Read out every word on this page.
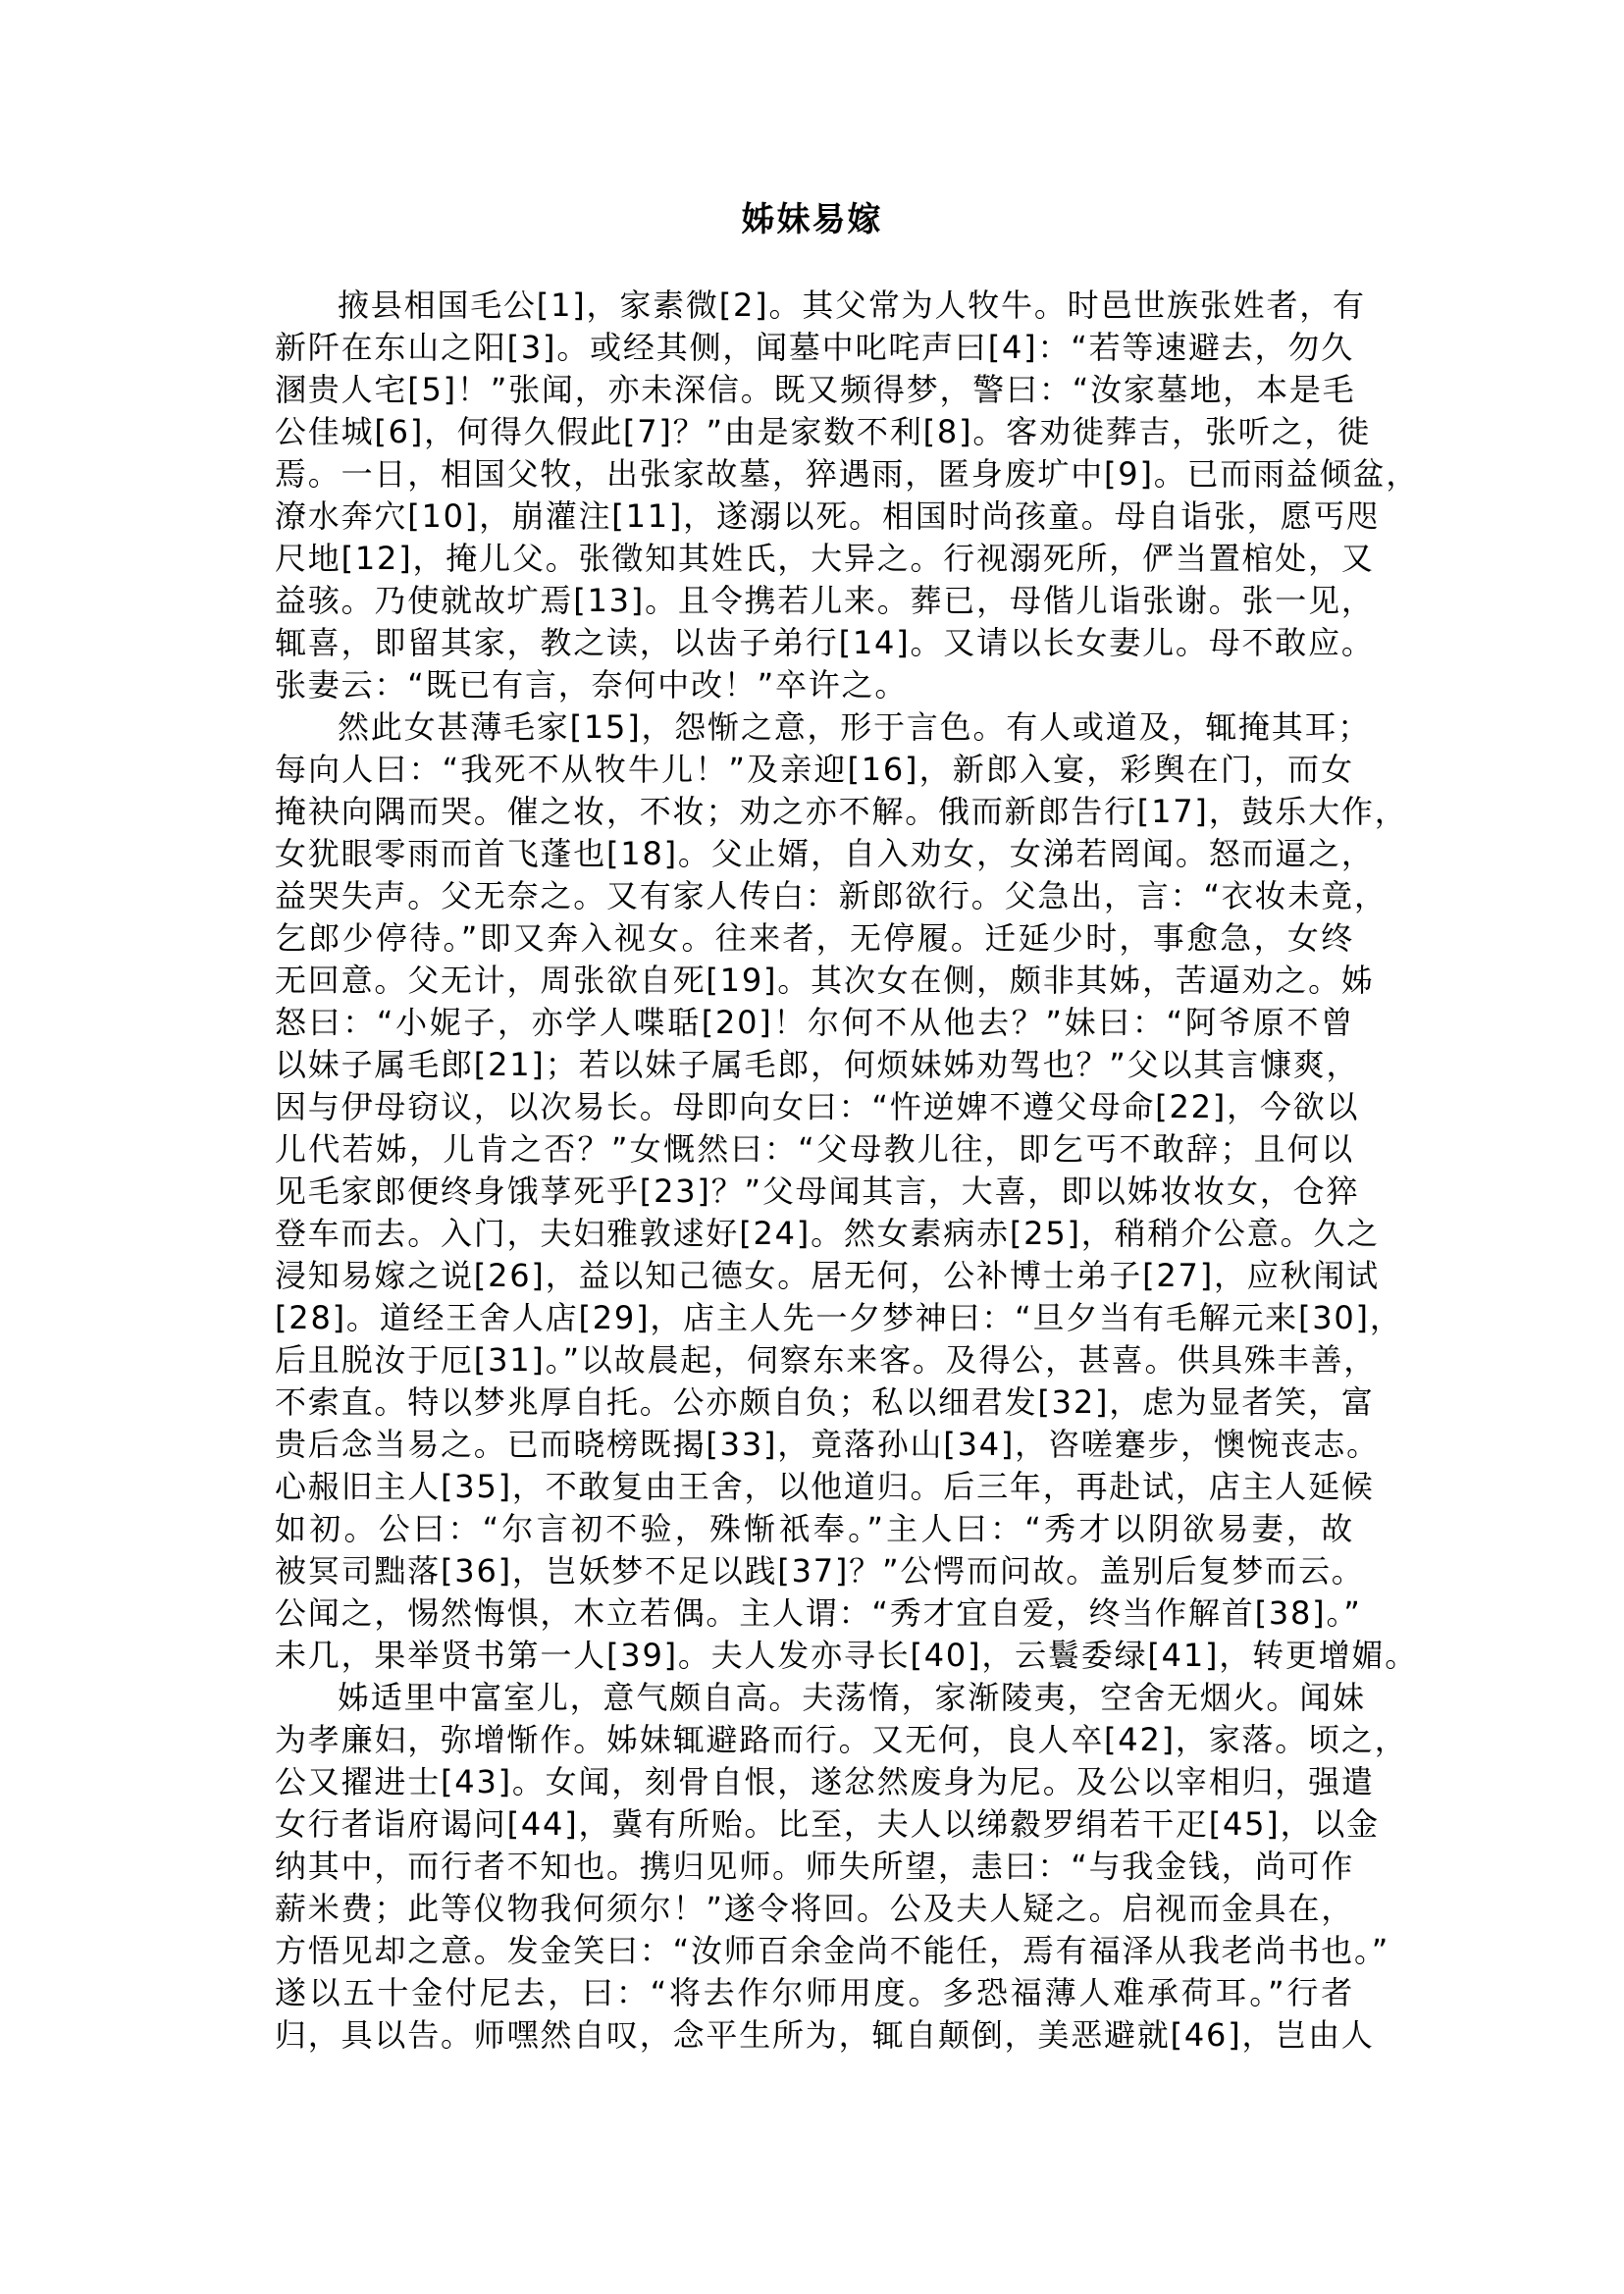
姊妹易嫁
掖县相国毛公[1]，家素微[2]。其父常为人牧牛。时邑世族张姓者，有
新阡在东山之阳[3]。或经其侧，闻墓中叱咤声曰[4]：“若等速避去，勿久
溷贵人宅[5]！”张闻，亦未深信。既又频得梦，警曰：“汝家墓地，本是毛
公佳城[6]，何得久假此[7]？”由是家数不利[8]。客劝徙葬吉，张听之，徙
焉。一日，相国父牧，出张家故墓，猝遇雨，匿身废圹中[9]。已而雨益倾盆，
潦水奔穴[10]，崩灌注[11]，遂溺以死。相国时尚孩童。母自诣张，愿丐咫
尺地[12]，掩儿父。张徵知其姓氏，大异之。行视溺死所，俨当置棺处，又
益骇。乃使就故圹焉[13]。且令携若儿来。葬已，母偕儿诣张谢。张一见，
辄喜，即留其家，教之读，以齿子弟行[14]。又请以长女妻儿。母不敢应。
张妻云：“既已有言，奈何中改！”卒许之。
然此女甚薄毛家[15]，怨惭之意，形于言色。有人或道及，辄掩其耳；
每向人曰：“我死不从牧牛儿！”及亲迎[16]，新郎入宴，彩舆在门，而女
掩袂向隅而哭。催之妆，不妆；劝之亦不解。俄而新郎告行[17]，鼓乐大作，
女犹眼零雨而首飞蓬也[18]。父止婿，自入劝女，女涕若罔闻。怒而逼之，
益哭失声。父无奈之。又有家人传白：新郎欲行。父急出，言：“衣妆未竟，
乞郎少停待。”即又奔入视女。往来者，无停履。迁延少时，事愈急，女终
无回意。父无计，周张欲自死[19]。其次女在侧，颇非其姊，苦逼劝之。姊
怒曰：“小妮子，亦学人喋聒[20]！尔何不从他去？”妹曰：“阿爷原不曾
以妹子属毛郎[21]；若以妹子属毛郎，何烦妹姊劝驾也？”父以其言慷爽，
因与伊母窃议，以次易长。母即向女曰：“忤逆婢不遵父母命[22]，今欲以
儿代若姊，儿肯之否？”女慨然曰：“父母教儿往，即乞丐不敢辞；且何以
见毛家郎便终身饿莩死乎[23]？”父母闻其言，大喜，即以姊妆妆女，仓猝
登车而去。入门，夫妇雅敦逑好[24]。然女素病赤[25]，稍稍介公意。久之
浸知易嫁之说[26]，益以知己德女。居无何，公补博士弟子[27]，应秋闱试
[28]。道经王舍人店[29]，店主人先一夕梦神曰：“旦夕当有毛解元来[30]，
后且脱汝于厄[31]。”以故晨起，伺察东来客。及得公，甚喜。供具殊丰善，
不索直。特以梦兆厚自托。公亦颇自负；私以细君发[32]，虑为显者笑，富
贵后念当易之。已而晓榜既揭[33]，竟落孙山[34]，咨嗟蹇步，懊惋丧志。
心赧旧主人[35]，不敢复由王舍，以他道归。后三年，再赴试，店主人延候
如初。公曰：“尔言初不验，殊惭祇奉。”主人曰：“秀才以阴欲易妻，故
被冥司黜落[36]，岂妖梦不足以践[37]？”公愕而问故。盖别后复梦而云。
公闻之，惕然悔惧，木立若偶。主人谓：“秀才宜自爱，终当作解首[38]。”
未几，果举贤书第一人[39]。夫人发亦寻长[40]，云鬟委绿[41]，转更增媚。
姊适里中富室儿，意气颇自高。夫荡惰，家渐陵夷，空舍无烟火。闻妹
为孝廉妇，弥增惭作。姊妹辄避路而行。又无何，良人卒[42]，家落。顷之，
公又擢进士[43]。女闻，刻骨自恨，遂忿然废身为尼。及公以宰相归，强遣
女行者诣府谒问[44]，冀有所贻。比至，夫人以绨縠罗绢若干疋[45]，以金
纳其中，而行者不知也。携归见师。师失所望，恚曰：“与我金钱，尚可作
薪米费；此等仪物我何须尔！”遂令将回。公及夫人疑之。启视而金具在，
方悟见却之意。发金笑曰：“汝师百余金尚不能任，焉有福泽从我老尚书也。”
遂以五十金付尼去，曰：“将去作尔师用度。多恐福薄人难承荷耳。”行者
归，具以告。师嘿然自叹，念平生所为，辄自颠倒，美恶避就[46]，岂由人
